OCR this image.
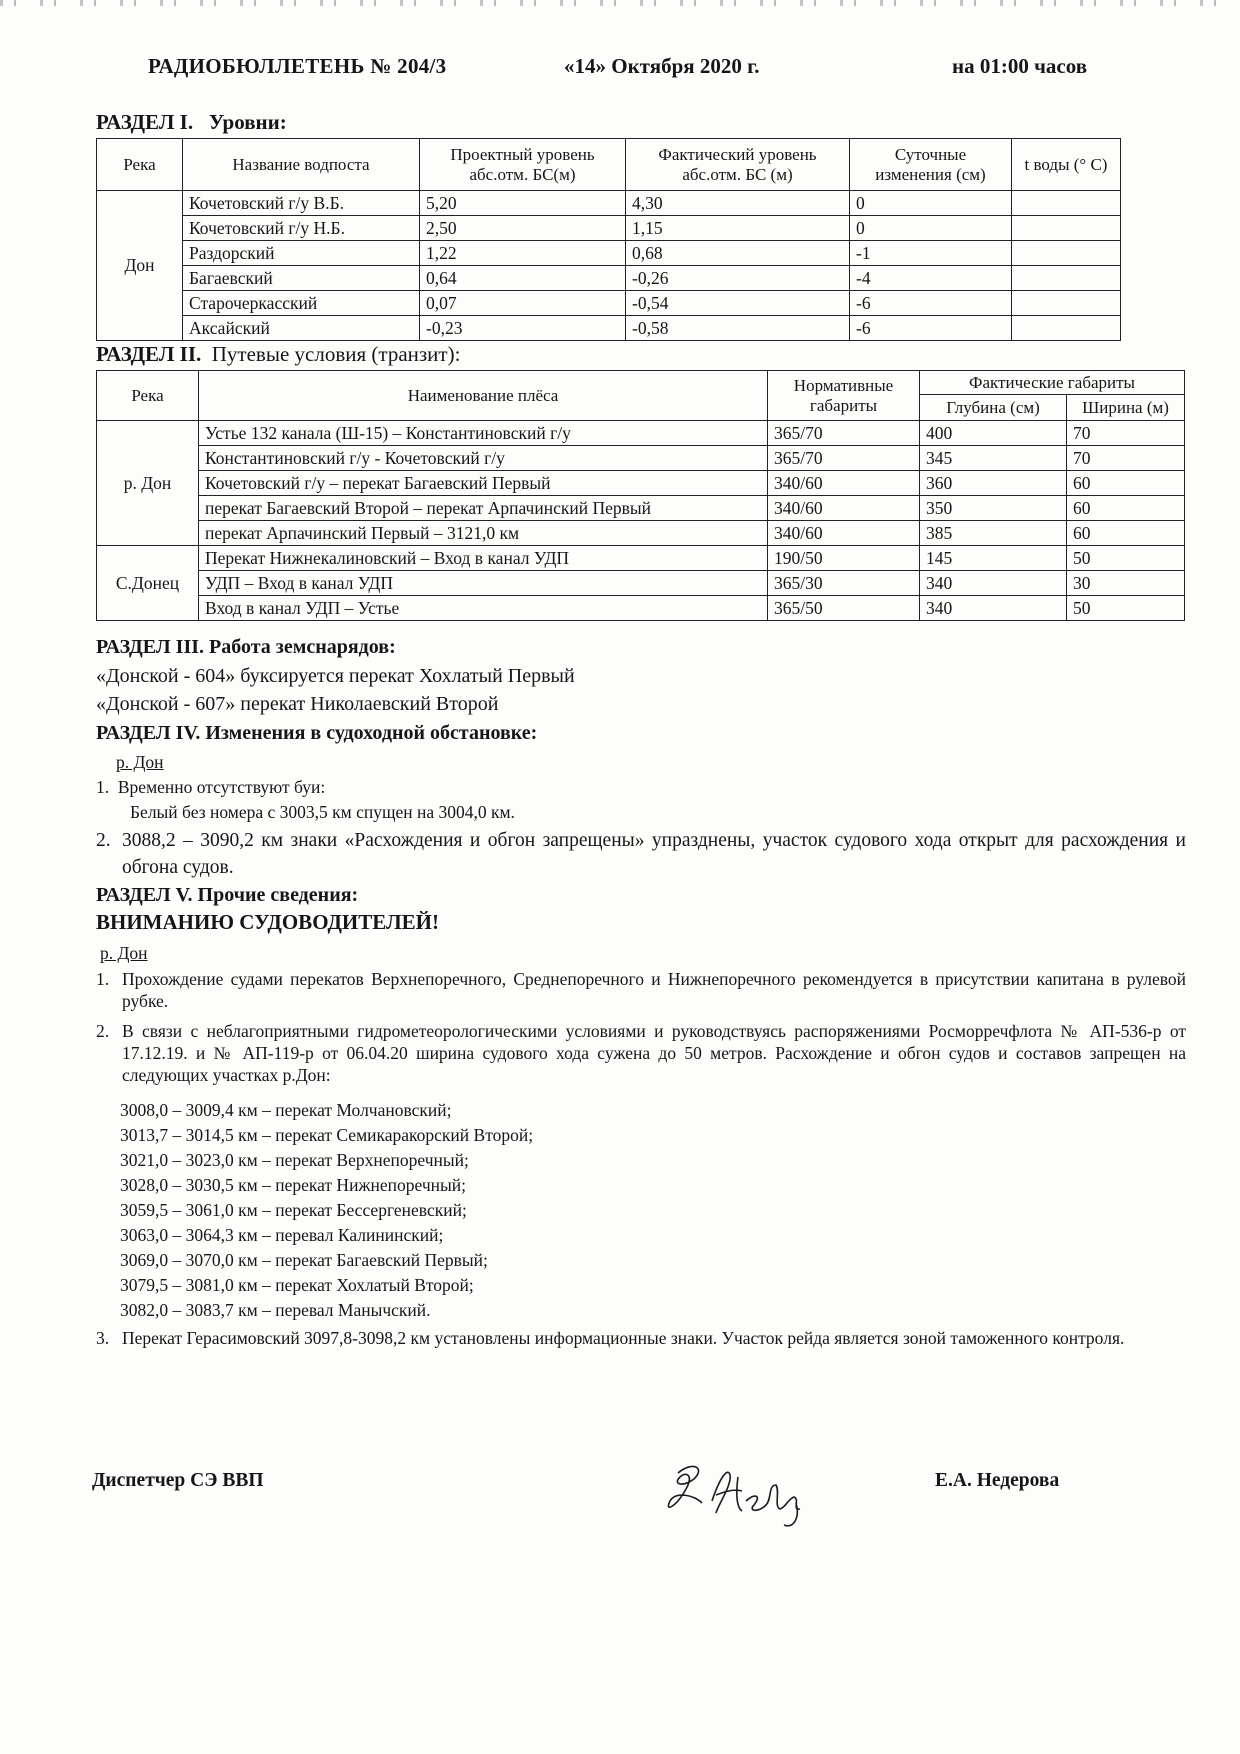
РАДИОБЮЛЛЕТЕНЬ № 204/3	«14» Октября 2020 г.	на 01:00 часов
РАЗДЕЛ I. Уровни:
Река	Название водпоста	Проектный уровень абс.отм. БС(м)	Фактический уровень абс.отм. БС (м)	Суточные изменения (см)	t воды (° С)
Дон	Кочетовский г/у В.Б.	5,20	4,30	0	
	Кочетовский г/у Н.Б.	2,50	1,15	0	
	Раздорский	1,22	0,68	-1	
	Багаевский	0,64	-0,26	-4	
	Старочеркасский	0,07	-0,54	-6	
	Аксайский	-0,23	-0,58	-6	
РАЗДЕЛ II. Путевые условия (транзит):
Река	Наименование плёса	Нормативные габариты	Фактические габариты	
			Глубина (см)	Ширина (м)
р. Дон	Устье 132 канала (Ш-15) – Константиновский г/у	365/70	400	70
	Константиновский г/у - Кочетовский г/у	365/70	345	70
	Кочетовский г/у – перекат Багаевский Первый	340/60	360	60
	перекат Багаевский Второй – перекат Арпачинский Первый	340/60	350	60
	перекат Арпачинский Первый – 3121,0 км	340/60	385	60
С.Донец	Перекат Нижнекалиновский – Вход в канал УДП	190/50	145	50
	УДП – Вход в канал УДП	365/30	340	30
	Вход в канал УДП – Устье	365/50	340	50
РАЗДЕЛ III. Работа земснарядов:
«Донской - 604» буксируется перекат Хохлатый Первый
«Донской - 607» перекат Николаевский Второй
РАЗДЕЛ IV. Изменения в судоходной обстановке:
р. Дон
1. Временно отсутствуют буи:
Белый без номера с 3003,5 км спущен на 3004,0 км.
2. 3088,2 – 3090,2 км знаки «Расхождения и обгон запрещены» упразднены, участок судового хода открыт для расхождения и обгона судов.
РАЗДЕЛ V. Прочие сведения:
ВНИМАНИЮ СУДОВОДИТЕЛЕЙ!
р. Дон
1. Прохождение судами перекатов Верхнепоречного, Среднепоречного и Нижнепоречного рекомендуется в присутствии капитана в рулевой рубке.
2. В связи с неблагоприятными гидрометеорологическими условиями и руководствуясь распоряжениями Росморречфлота № АП-536-р от 17.12.19. и № АП-119-р от 06.04.20 ширина судового хода сужена до 50 метров. Расхождение и обгон судов и составов запрещен на следующих участках р.Дон:
3008,0 – 3009,4 км – перекат Молчановский;
3013,7 – 3014,5 км – перекат Семикаракорский Второй;
3021,0 – 3023,0 км – перекат Верхнепоречный;
3028,0 – 3030,5 км – перекат Нижнепоречный;
3059,5 – 3061,0 км – перекат Бессергеневский;
3063,0 – 3064,3 км – перевал Калининский;
3069,0 – 3070,0 км – перекат Багаевский Первый;
3079,5 – 3081,0 км – перекат Хохлатый Второй;
3082,0 – 3083,7 км – перевал Манычский.
3. Перекат Герасимовский 3097,8-3098,2 км установлены информационные знаки. Участок рейда является зоной таможенного контроля.
Диспетчер СЭ ВВП	Е.А. Недерова
